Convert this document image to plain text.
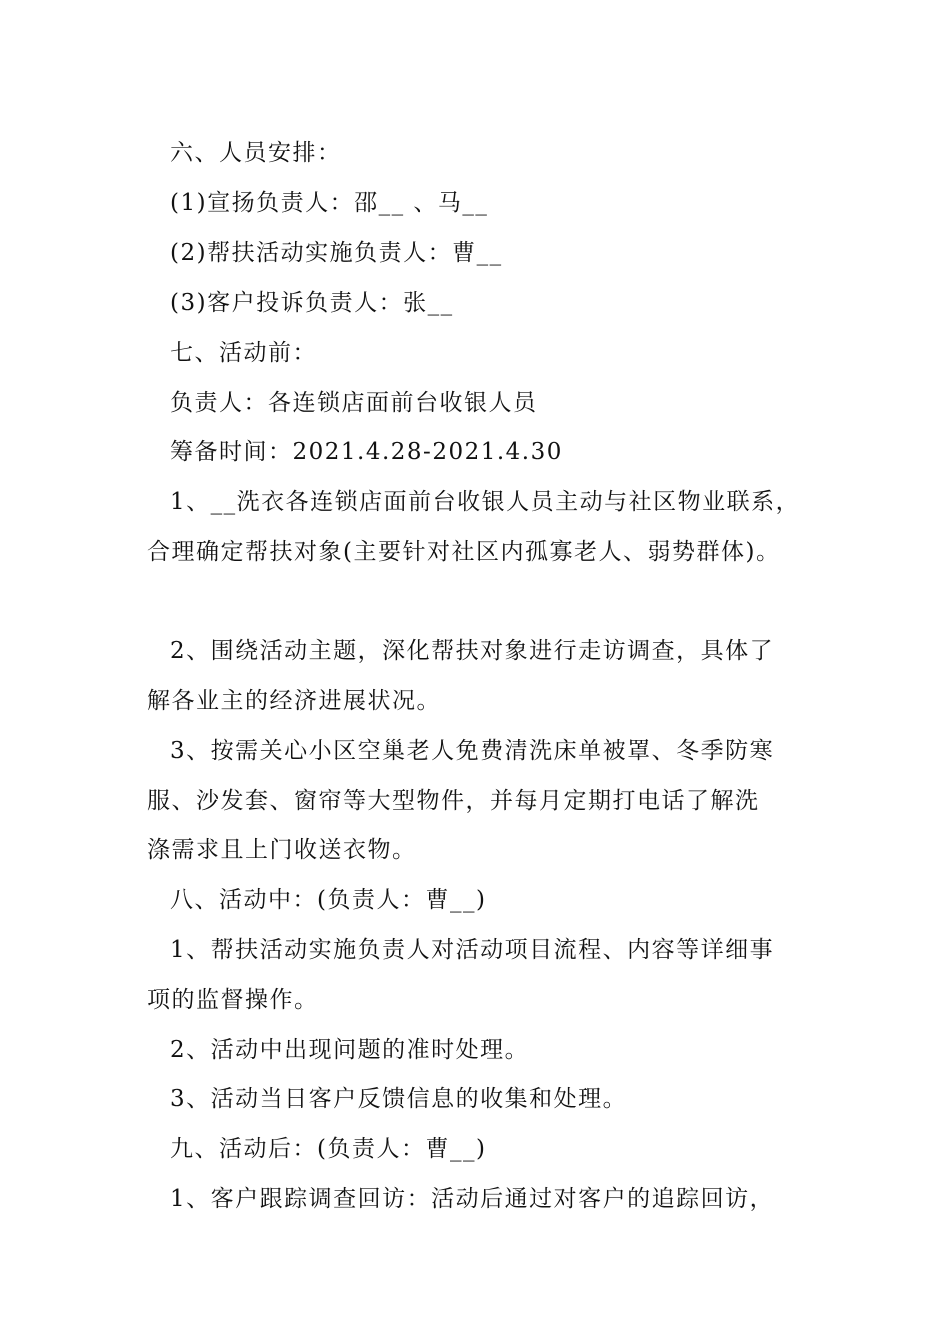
六、人员安排：

(1)宣扬负责人：邵__ 、马__

(2)帮扶活动实施负责人：曹__

(3)客户投诉负责人：张__

七、活动前：

负责人：各连锁店面前台收银人员

筹备时间：2021.4.28-2021.4.30

1、__洗衣各连锁店面前台收银人员主动与社区物业联系，

合理确定帮扶对象(主要针对社区内孤寡老人、弱势群体)。

2、围绕活动主题，深化帮扶对象进行走访调查，具体了

解各业主的经济进展状况。

3、按需关心小区空巢老人免费清洗床单被罩、冬季防寒

服、沙发套、窗帘等大型物件，并每月定期打电话了解洗

涤需求且上门收送衣物。

八、活动中：(负责人：曹__)

1、帮扶活动实施负责人对活动项目流程、内容等详细事

项的监督操作。

2、活动中出现问题的准时处理。

3、活动当日客户反馈信息的收集和处理。

九、活动后：(负责人：曹__)

1、客户跟踪调查回访：活动后通过对客户的追踪回访，
